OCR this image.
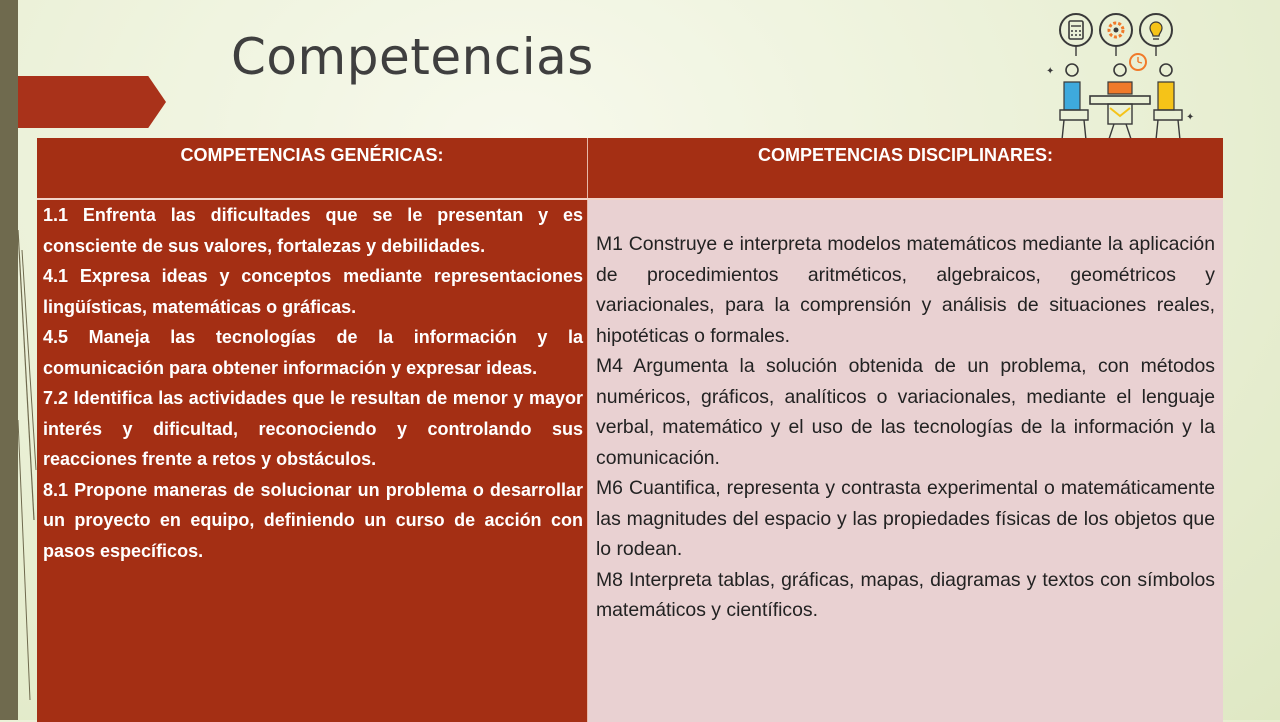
Competencias	✦
✦
COMPETENCIAS GENÉRICAS:	COMPETENCIAS DISCIPLINARES:

1.1 Enfrenta las dificultades que se le presentan y es consciente de sus valores, fortalezas y debilidades.

4.1 Expresa ideas y conceptos mediante representaciones lingüísticas, matemáticas o gráficas.

4.5 Maneja las tecnologías de la información y la comunicación para obtener información y expresar ideas.

7.2 Identifica las actividades que le resultan de menor y mayor interés y dificultad, reconociendo y controlando sus reacciones frente a retos y obstáculos.

8.1 Propone maneras de solucionar un problema o desarrollar un proyecto en equipo, definiendo un curso de acción con pasos específicos.

M1 Construye e interpreta modelos matemáticos mediante la aplicación de procedimientos aritméticos, algebraicos, geométricos y variacionales, para la comprensión y análisis de situaciones reales, hipotéticas o formales.

M4 Argumenta la solución obtenida de un problema, con métodos numéricos, gráficos, analíticos o variacionales, mediante el lenguaje verbal, matemático y el uso de las tecnologías de la información y la comunicación.

M6 Cuantifica, representa y contrasta experimental o matemáticamente las magnitudes del espacio y las propiedades físicas de los objetos que lo rodean.

M8 Interpreta tablas, gráficas, mapas, diagramas y textos con símbolos matemáticos y científicos.
